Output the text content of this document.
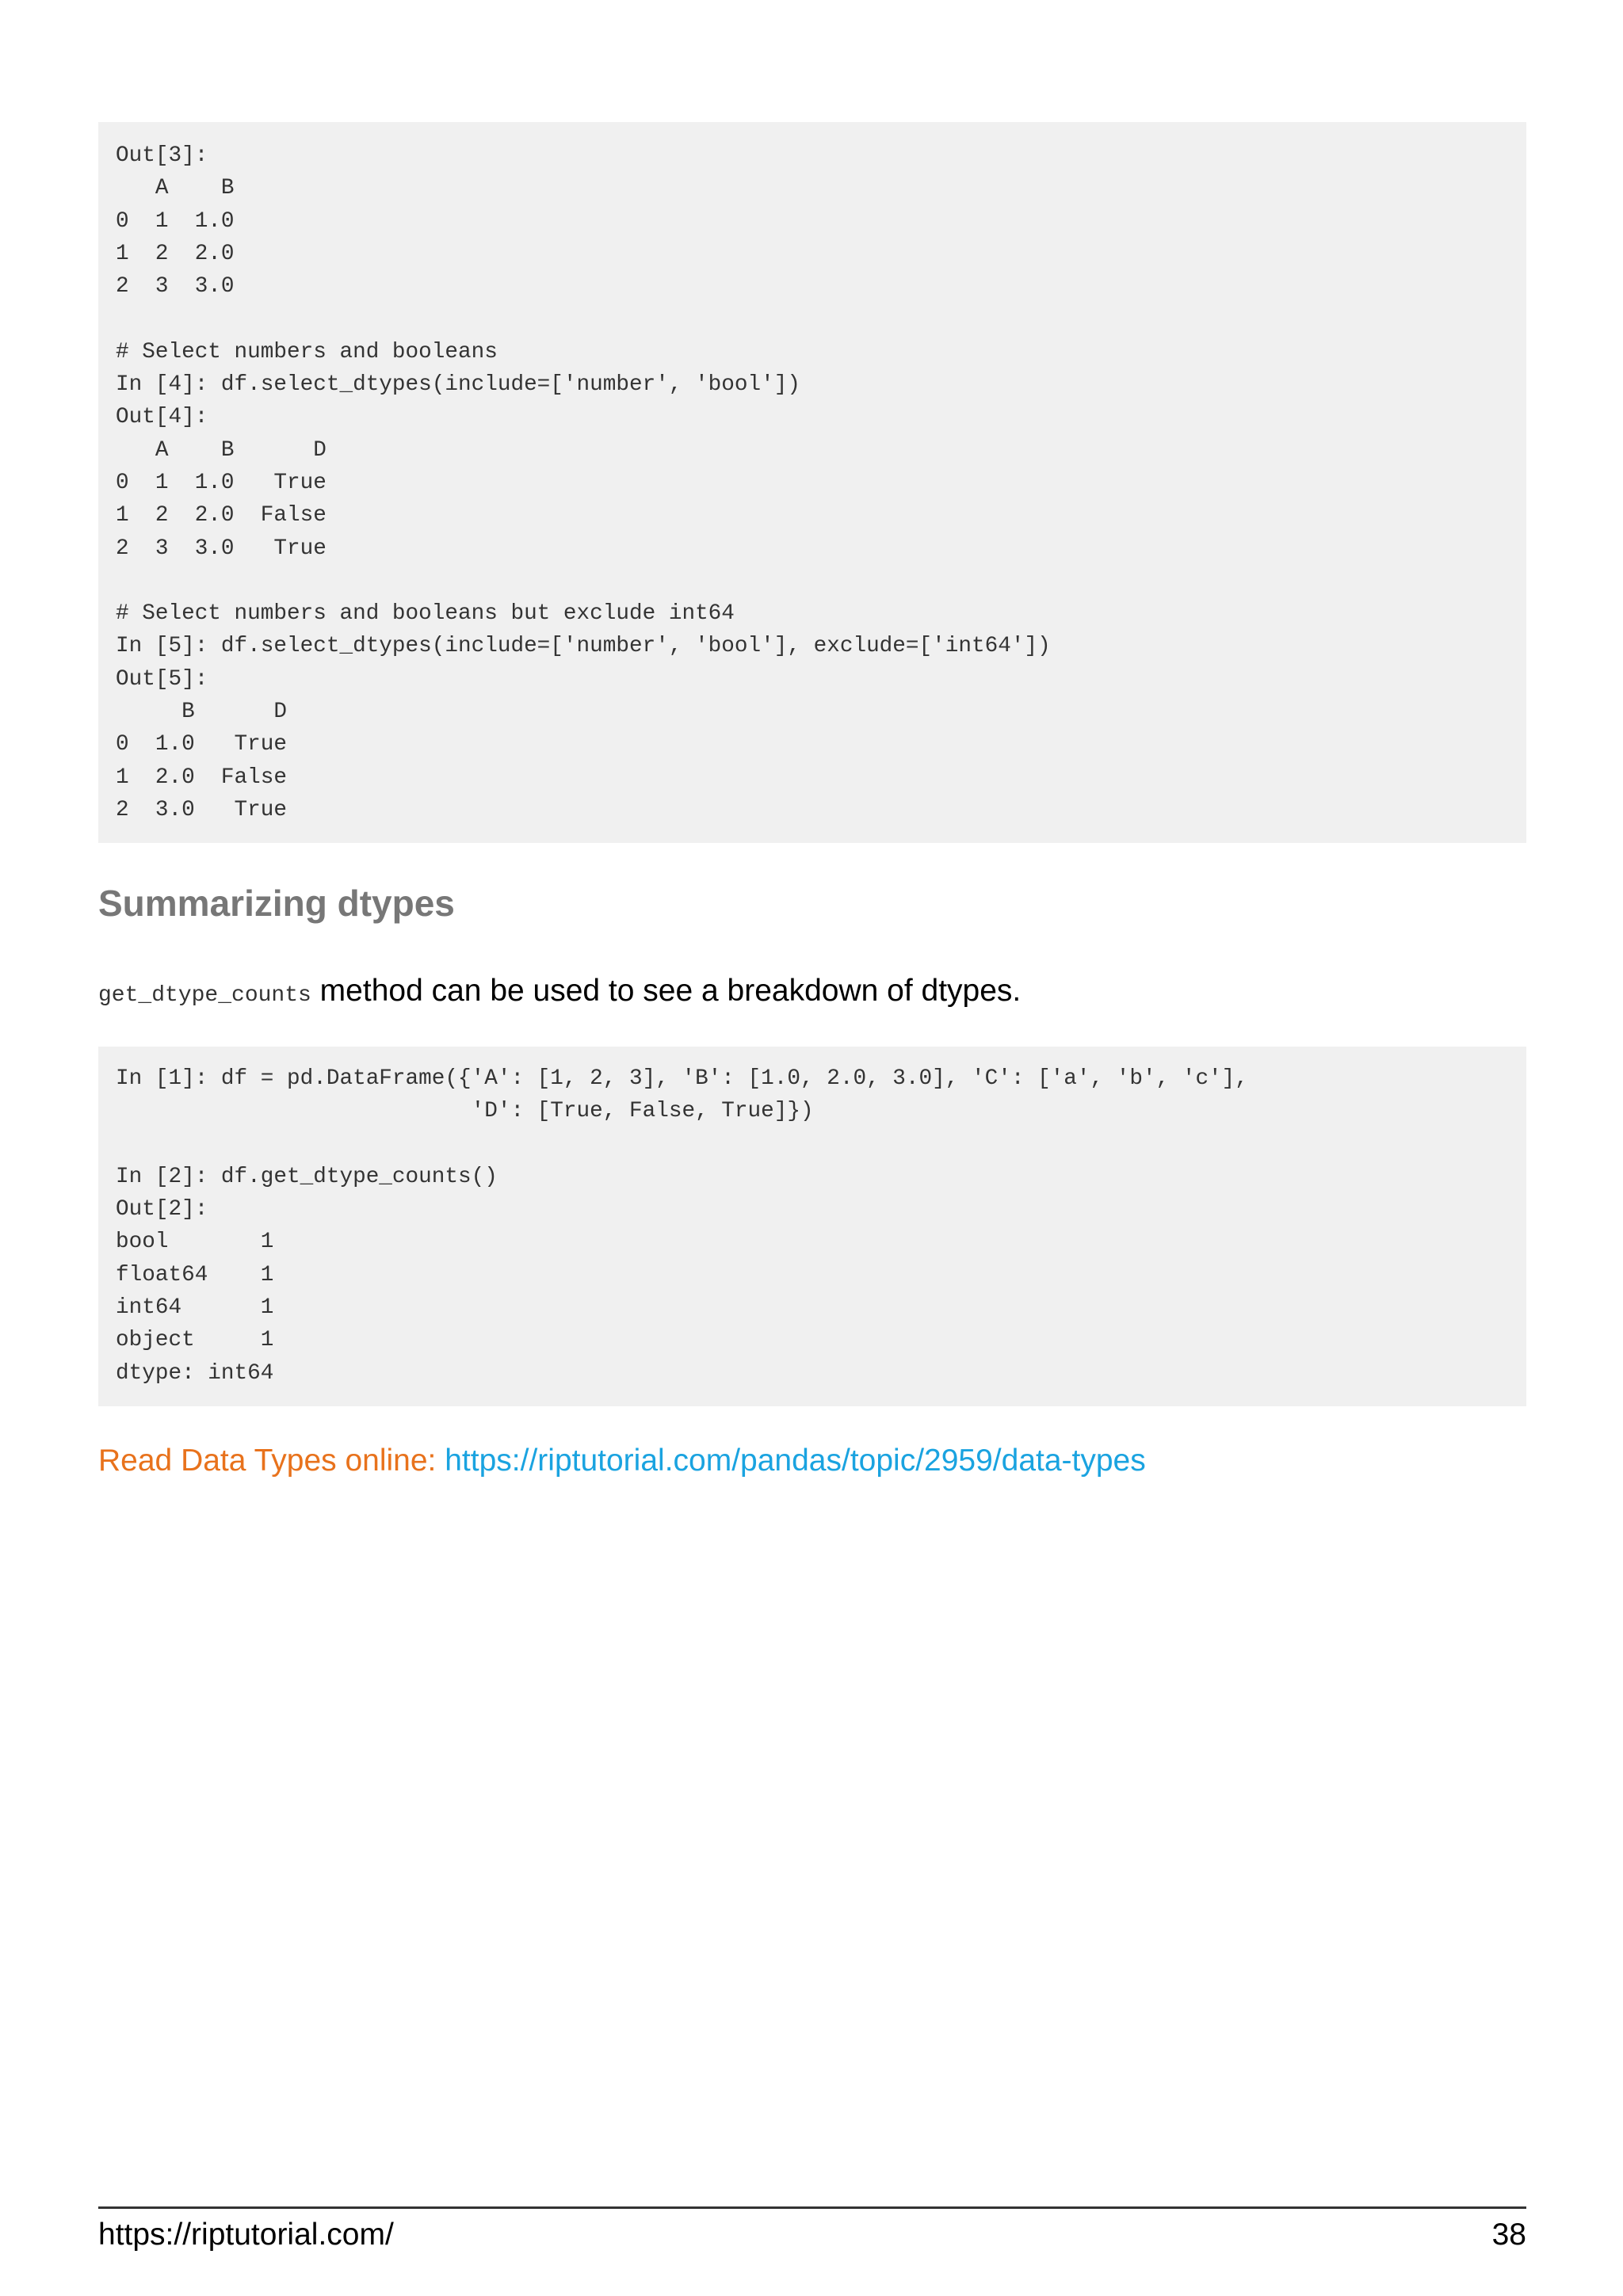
Out[3]:
A    B
0  1  1.0
1  2  2.0
2  3  3.0

# Select numbers and booleans
In [4]: df.select_dtypes(include=['number', 'bool'])
Out[4]:
A    B      D
0  1  1.0   True
1  2  2.0  False
2  3  3.0   True

# Select numbers and booleans but exclude int64
In [5]: df.select_dtypes(include=['number', 'bool'], exclude=['int64'])
Out[5]:
B      D
0  1.0   True
1  2.0  False
2  3.0   True
Summarizing dtypes

get_dtype_counts method can be used to see a breakdown of dtypes.

In [1]: df = pd.DataFrame({'A': [1, 2, 3], 'B': [1.0, 2.0, 3.0], 'C': ['a', 'b', 'c'],
'D': [True, False, True]})

In [2]: df.get_dtype_counts()
Out[2]:
bool       1
float64    1
int64      1
object     1
dtype: int64

Read Data Types online: https://riptutorial.com/pandas/topic/2959/data-types

https://riptutorial.com/	38
